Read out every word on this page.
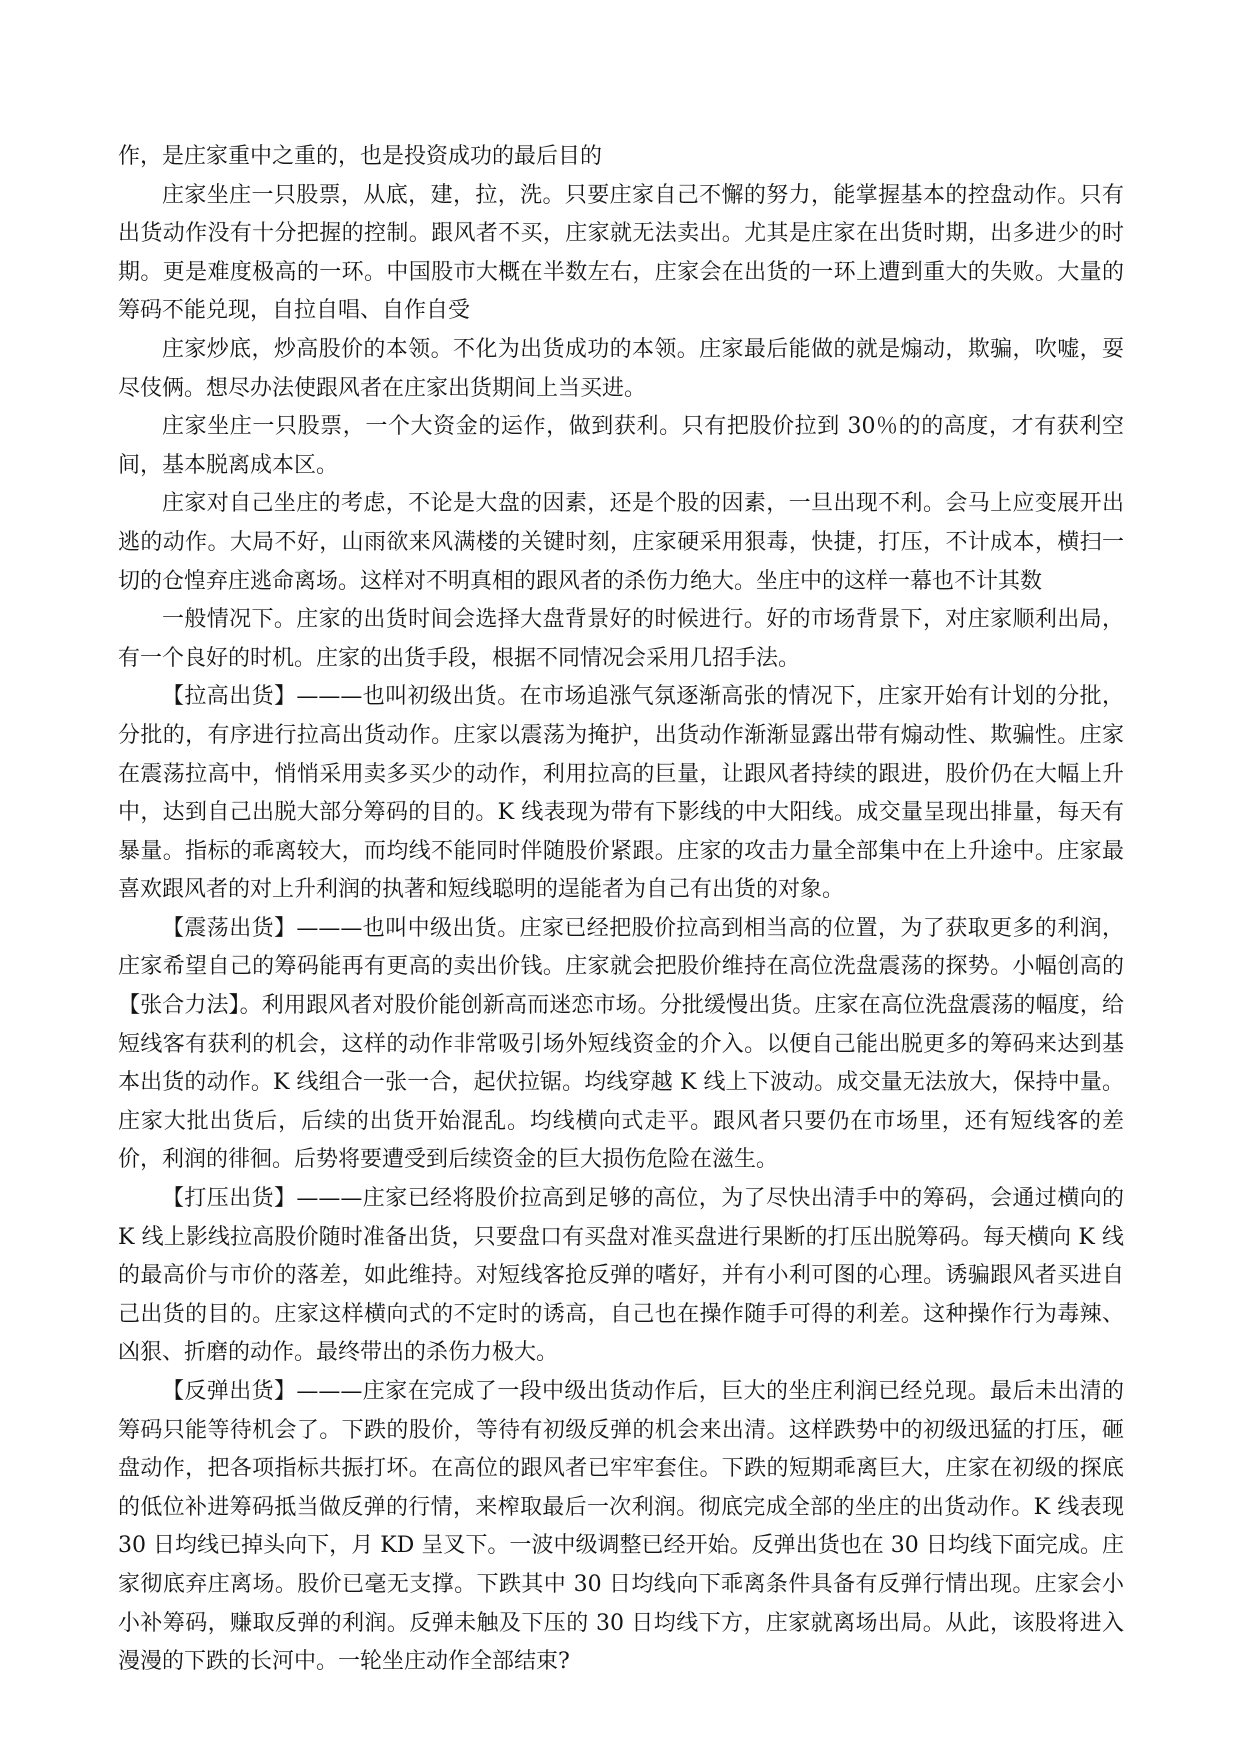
作，是庄家重中之重的，也是投资成功的最后目的

庄家坐庄一只股票，从底，建，拉，洗。只要庄家自己不懈的努力，能掌握基本的控盘动作。只有出货动作没有十分把握的控制。跟风者不买，庄家就无法卖出。尤其是庄家在出货时期，出多进少的时期。更是难度极高的一环。中国股市大概在半数左右，庄家会在出货的一环上遭到重大的失败。大量的筹码不能兑现，自拉自唱、自作自受

庄家炒底，炒高股价的本领。不化为出货成功的本领。庄家最后能做的就是煽动，欺骗，吹嘘，耍尽伎俩。想尽办法使跟风者在庄家出货期间上当买进。

庄家坐庄一只股票，一个大资金的运作，做到获利。只有把股价拉到 30％的的高度，才有获利空间，基本脱离成本区。

庄家对自己坐庄的考虑，不论是大盘的因素，还是个股的因素，一旦出现不利。会马上应变展开出逃的动作。大局不好，山雨欲来风满楼的关键时刻，庄家硬采用狠毒，快捷，打压，不计成本，横扫一切的仓惶弃庄逃命离场。这样对不明真相的跟风者的杀伤力绝大。坐庄中的这样一幕也不计其数

一般情况下。庄家的出货时间会选择大盘背景好的时候进行。好的市场背景下，对庄家顺利出局，有一个良好的时机。庄家的出货手段，根据不同情况会采用几招手法。

【拉高出货】———也叫初级出货。在市场追涨气氛逐渐高张的情况下，庄家开始有计划的分批，分批的，有序进行拉高出货动作。庄家以震荡为掩护，出货动作渐渐显露出带有煽动性、欺骗性。庄家在震荡拉高中，悄悄采用卖多买少的动作，利用拉高的巨量，让跟风者持续的跟进，股价仍在大幅上升中，达到自己出脱大部分筹码的目的。K 线表现为带有下影线的中大阳线。成交量呈现出排量，每天有暴量。指标的乖离较大，而均线不能同时伴随股价紧跟。庄家的攻击力量全部集中在上升途中。庄家最喜欢跟风者的对上升利润的执著和短线聪明的逞能者为自己有出货的对象。

【震荡出货】———也叫中级出货。庄家已经把股价拉高到相当高的位置，为了获取更多的利润，庄家希望自己的筹码能再有更高的卖出价钱。庄家就会把股价维持在高位洗盘震荡的探势。小幅创高的【张合力法】。利用跟风者对股价能创新高而迷恋市场。分批缓慢出货。庄家在高位洗盘震荡的幅度，给短线客有获利的机会，这样的动作非常吸引场外短线资金的介入。以便自己能出脱更多的筹码来达到基本出货的动作。K 线组合一张一合，起伏拉锯。均线穿越 K 线上下波动。成交量无法放大，保持中量。庄家大批出货后，后续的出货开始混乱。均线横向式走平。跟风者只要仍在市场里，还有短线客的差价，利润的徘徊。后势将要遭受到后续资金的巨大损伤危险在滋生。

【打压出货】———庄家已经将股价拉高到足够的高位，为了尽快出清手中的筹码，会通过横向的 K 线上影线拉高股价随时准备出货，只要盘口有买盘对准买盘进行果断的打压出脱筹码。每天横向 K 线的最高价与市价的落差，如此维持。对短线客抢反弹的嗜好，并有小利可图的心理。诱骗跟风者买进自己出货的目的。庄家这样横向式的不定时的诱高，自己也在操作随手可得的利差。这种操作行为毒辣、凶狠、折磨的动作。最终带出的杀伤力极大。

【反弹出货】———庄家在完成了一段中级出货动作后，巨大的坐庄利润已经兑现。最后未出清的筹码只能等待机会了。下跌的股价，等待有初级反弹的机会来出清。这样跌势中的初级迅猛的打压，砸盘动作，把各项指标共振打坏。在高位的跟风者已牢牢套住。下跌的短期乖离巨大，庄家在初级的探底的低位补进筹码抵当做反弹的行情，来榨取最后一次利润。彻底完成全部的坐庄的出货动作。K 线表现 30 日均线已掉头向下，月 KD 呈叉下。一波中级调整已经开始。反弹出货也在 30 日均线下面完成。庄家彻底弃庄离场。股价已毫无支撑。下跌其中 30 日均线向下乖离条件具备有反弹行情出现。庄家会小小补筹码，赚取反弹的利润。反弹未触及下压的 30 日均线下方，庄家就离场出局。从此，该股将进入漫漫的下跌的长河中。一轮坐庄动作全部结束?
